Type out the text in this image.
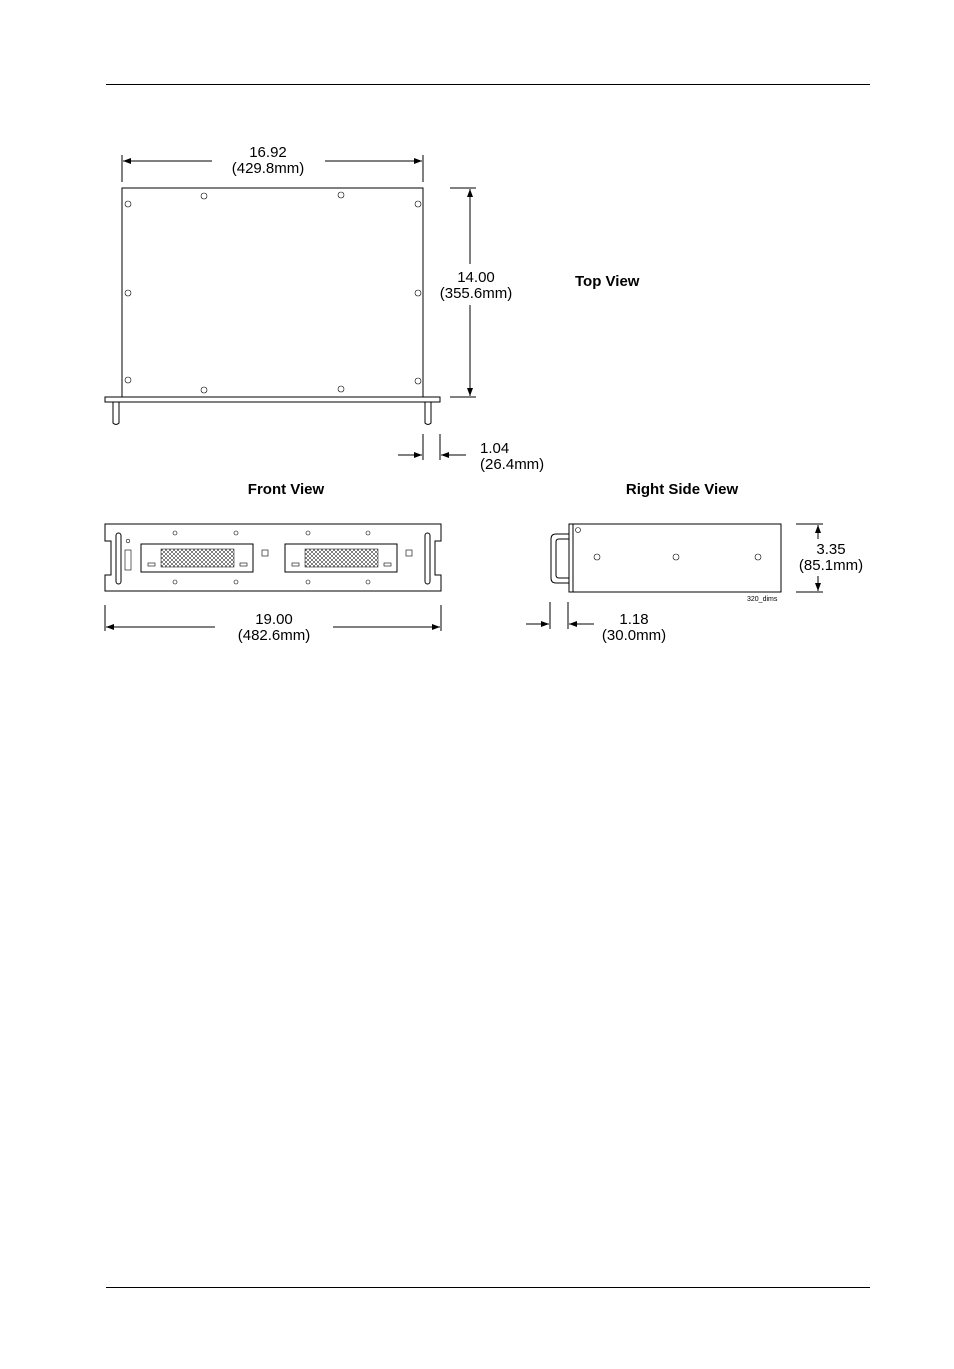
16.92
(429.8mm)
14.00
(355.6mm)
1.04
(26.4mm)
Top View
Front View
19.00
(482.6mm)
Right Side View
320_dims
3.35
(85.1mm)
1.18
(30.0mm)
